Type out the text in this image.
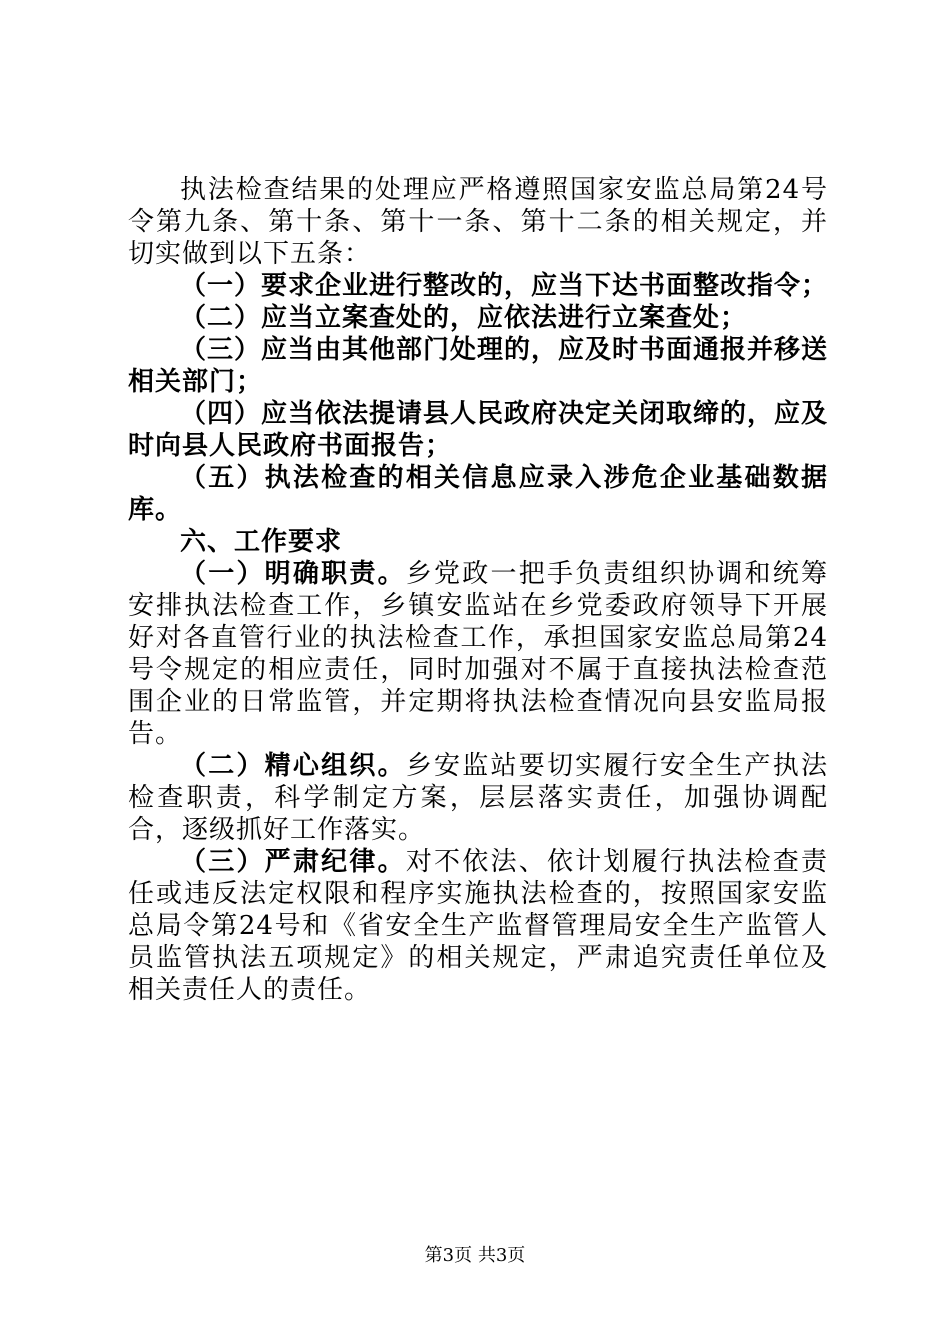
执法检查结果的处理应严格遵照国家安监总局第24号令第九条、第十条、第十一条、第十二条的相关规定，并切实做到以下五条：

（一）要求企业进行整改的，应当下达书面整改指令；

（二）应当立案查处的，应依法进行立案查处；

（三）应当由其他部门处理的，应及时书面通报并移送相关部门；

（四）应当依法提请县人民政府决定关闭取缔的，应及时向县人民政府书面报告；

（五）执法检查的相关信息应录入涉危企业基础数据库。

六、工作要求

（一）明确职责。乡党政一把手负责组织协调和统筹安排执法检查工作，乡镇安监站在乡党委政府领导下开展好对各直管行业的执法检查工作，承担国家安监总局第24号令规定的相应责任，同时加强对不属于直接执法检查范围企业的日常监管，并定期将执法检查情况向县安监局报告。

（二）精心组织。乡安监站要切实履行安全生产执法检查职责，科学制定方案，层层落实责任，加强协调配合，逐级抓好工作落实。

（三）严肃纪律。对不依法、依计划履行执法检查责任或违反法定权限和程序实施执法检查的，按照国家安监总局令第24号和《省安全生产监督管理局安全生产监管人员监管执法五项规定》的相关规定，严肃追究责任单位及相关责任人的责任。

第3页 共3页
